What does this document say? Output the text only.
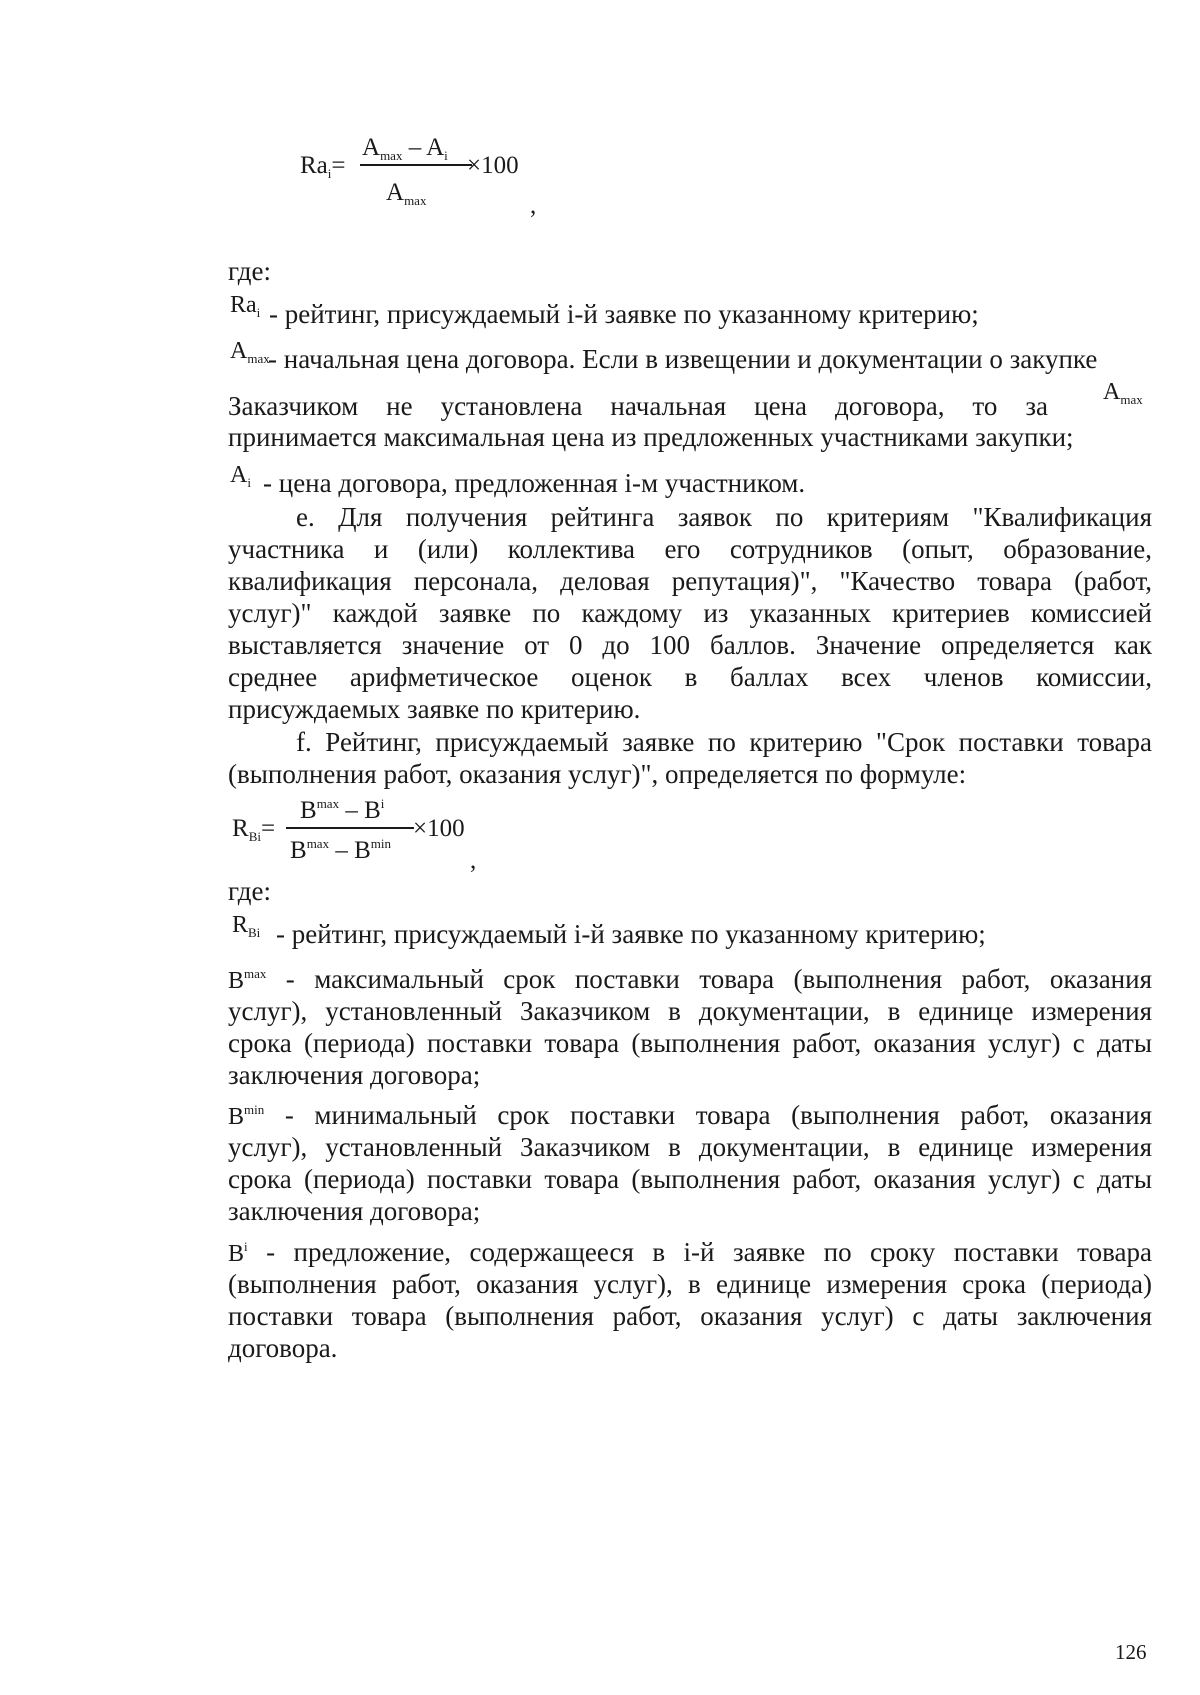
$Ra_i=$
$A_{max} - A_i \times 100$
$A_{max}$	,
где:
$Ra_i$ - рейтинг, присуждаемый i-й заявке по указанному критерию;
$A_{max}$
- начальная цена договора. Если в извещении и документации о закупке
Заказчиком не установлена начальная цена договора, то за $A_{max}$
принимается максимальная цена из предложенных участниками закупки;
$A_i$ - цена договора, предложенная i-м участником.
е. Для получения рейтинга заявок по критериям "Квалификация
участника и (или) коллектива его сотрудников (опыт, образование,
квалификация персонала, деловая репутация)", "Качество товара (работ,
услуг)" каждой заявке по каждому из указанных критериев комиссией
выставляется значение от 0 до 100 баллов. Значение определяется как
среднее арифметическое оценок в баллах всех членов комиссии,
присуждаемых заявке по критерию.
f. Рейтинг, присуждаемый заявке по критерию "Срок поставки товара
(выполнения работ, оказания услуг)", определяется по формуле:
$R_{Bi}=$
$B^{max} - B^i$
×100
$B^{max} - B^{min}$
,
где:
$R_{Bi}$ - рейтинг, присуждаемый i-й заявке по указанному критерию;
$B^{max}$ - максимальный срок поставки товара (выполнения работ, оказания
услуг), установленный Заказчиком в документации, в единице измерения
срока (периода) поставки товара (выполнения работ, оказания услуг) с даты
заключения договора;
$B^{min}$ - минимальный срок поставки товара (выполнения работ, оказания
услуг), установленный Заказчиком в документации, в единице измерения
срока (периода) поставки товара (выполнения работ, оказания услуг) с даты
заключения договора;
$B^i$ - предложение, содержащееся в i-й заявке по сроку поставки товара
(выполнения работ, оказания услуг), в единице измерения срока (периода)
поставки товара (выполнения работ, оказания услуг) с даты заключения
договора.
126
